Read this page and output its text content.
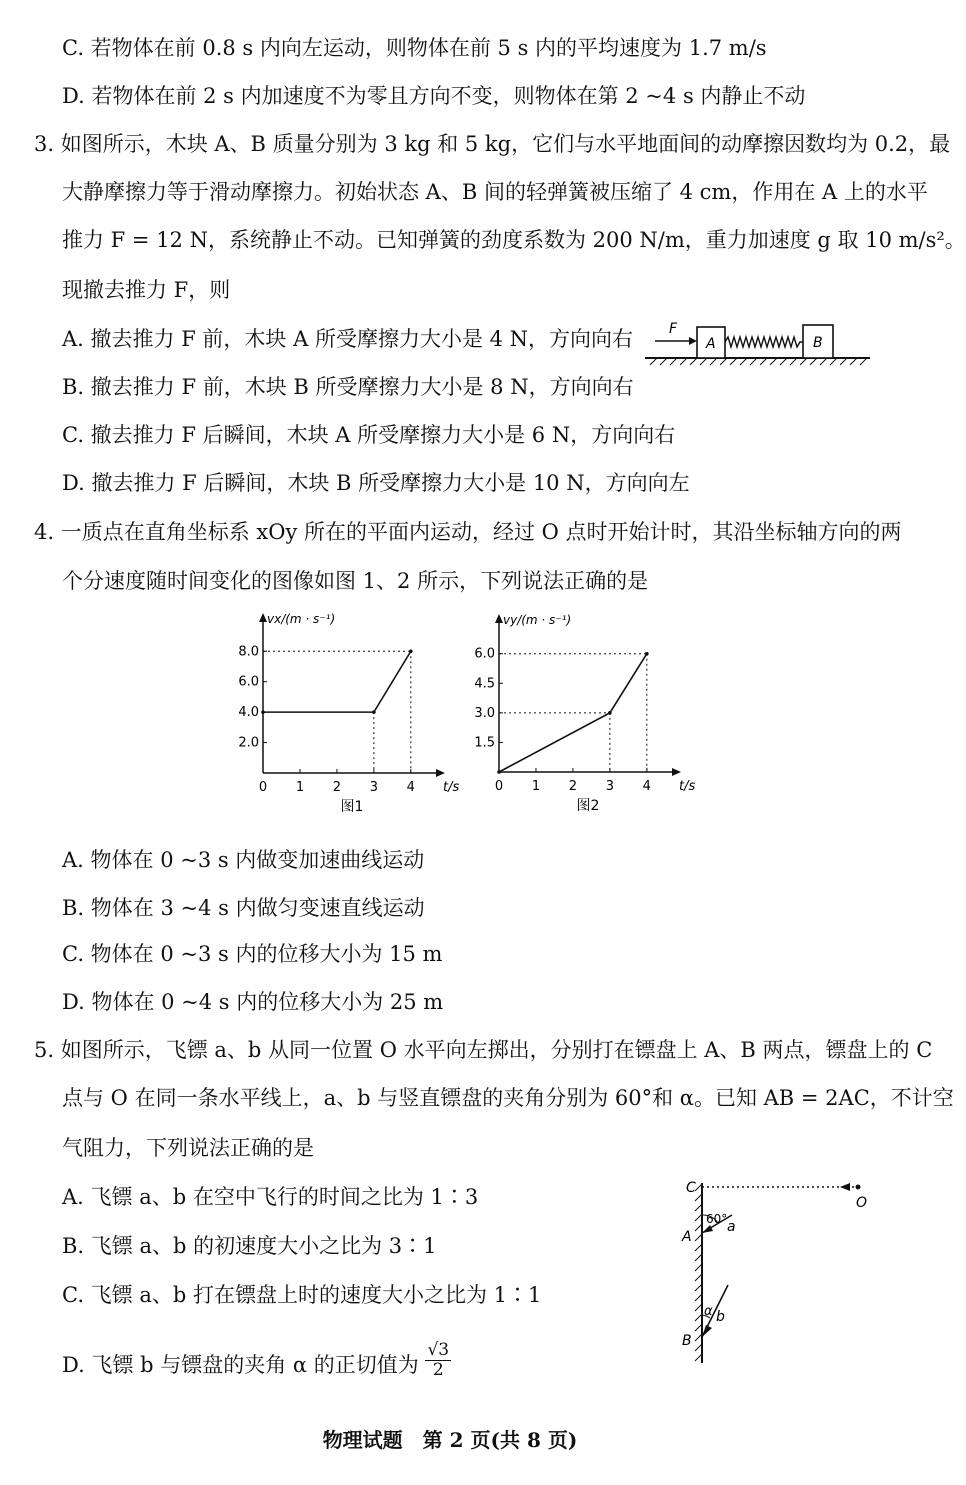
C. 若物体在前 0.8 s 内向左运动，则物体在前 5 s 内的平均速度为 1.7 m/s
D. 若物体在前 2 s 内加速度不为零且方向不变，则物体在第 2 ~4 s 内静止不动
3. 如图所示，木块 A、B 质量分别为 3 kg 和 5 kg，它们与水平地面间的动摩擦因数均为 0.2，最
大静摩擦力等于滑动摩擦力。初始状态 A、B 间的轻弹簧被压缩了 4 cm，作用在 A 上的水平
推力 F = 12 N，系统静止不动。已知弹簧的劲度系数为 200 N/m，重力加速度 g 取 10 m/s²。
现撤去推力 F，则
A. 撤去推力 F 前，木块 A 所受摩擦力大小是 4 N，方向向右
B. 撤去推力 F 前，木块 B 所受摩擦力大小是 8 N，方向向右
C. 撤去推力 F 后瞬间，木块 A 所受摩擦力大小是 6 N，方向向右
D. 撤去推力 F 后瞬间，木块 B 所受摩擦力大小是 10 N，方向向左
F
A	B
4. 一质点在直角坐标系 xOy 所在的平面内运动，经过 O 点时开始计时，其沿坐标轴方向的两
个分速度随时间变化的图像如图 1、2 所示，下列说法正确的是
0 1 2 3 4
2.0
4.0
6.0
8.0
vx/(m · s⁻¹)
t/s
图1
0 1 2 3 4
1.5
3.0
4.5
6.0
vy/(m · s⁻¹)
t/s
图2
A. 物体在 0 ~3 s 内做变加速曲线运动
B. 物体在 3 ~4 s 内做匀变速直线运动
C. 物体在 0 ~3 s 内的位移大小为 15 m
D. 物体在 0 ~4 s 内的位移大小为 25 m
5. 如图所示，飞镖 a、b 从同一位置 O 水平向左掷出，分别打在镖盘上 A、B 两点，镖盘上的 C
点与 O 在同一条水平线上，a、b 与竖直镖盘的夹角分别为 60°和 α。已知 AB = 2AC，不计空
气阻力，下列说法正确的是
A. 飞镖 a、b 在空中飞行的时间之比为 1∶3
B. 飞镖 a、b 的初速度大小之比为 3∶1
C. 飞镖 a、b 打在镖盘上时的速度大小之比为 1∶1
D. 飞镖 b 与镖盘的夹角 α 的正切值为 $\frac{√3}{2}$
C
O
60° a
A
α b
B
物理试题　第 2 页(共 8 页)
